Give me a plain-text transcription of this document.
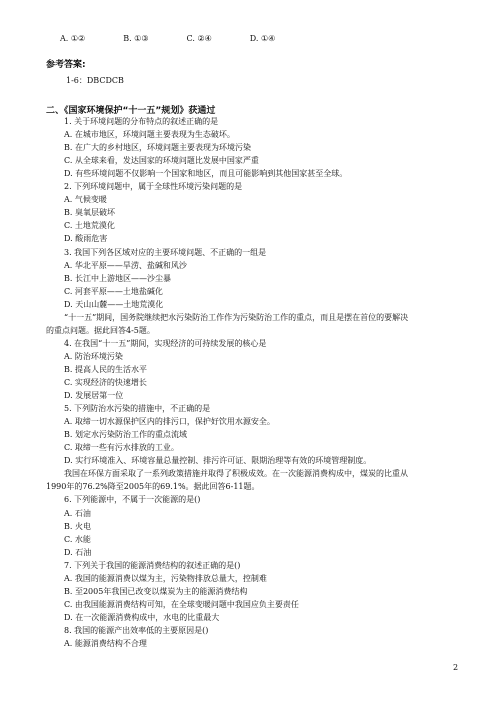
A. ①②	B. ①③	C. ②④	D. ①④
参考答案:
1-6：DBCDCB
二、《国家环境保护“十一五”规划》获通过
1. 关于环境问题的分布特点的叙述正确的是
A. 在城市地区，环境问题主要表现为生态破坏。
B. 在广大的乡村地区，环境问题主要表现为环境污染
C. 从全球来看，发达国家的环境问题比发展中国家严重
D. 有些环境问题不仅影响一个国家和地区，而且可能影响到其他国家甚至全球。
2. 下列环境问题中，属于全球性环境污染问题的是
A. 气候变暖
B. 臭氧层破坏
C. 土地荒漠化
D. 酸雨危害
3. 我国下列各区域对应的主要环境问题、不正确的一组是
A. 华北平原——旱涝、盐碱和风沙
B. 长江中上游地区——沙尘暴
C. 河套平原——土地盐碱化
D. 天山山麓——土地荒漠化
“十一五”期间，国务院继续把水污染防治工作作为污染防治工作的重点，而且是摆在首位的要解决
的重点问题。据此回答4-5题。
4. 在我国“十一五”期间，实现经济的可持续发展的核心是
A. 防治环境污染
B. 提高人民的生活水平
C. 实现经济的快速增长
D. 发展居第一位
5. 下列防治水污染的措施中，不正确的是
A. 取缔一切水源保护区内的排污口，保护好饮用水源安全。
B. 划定水污染防治工作的重点流域
C. 取缔一些有污水排放的工业。
D. 实行环境准入、环境容量总量控制、排污许可证、限期治理等有效的环境管理制度。
我国在环保方面采取了一系列政策措施并取得了积极成效。在一次能源消费构成中，煤炭的比重从
1990年的76.2%降至2005年的69.1%。据此回答6-11题。
6. 下列能源中，不属于一次能源的是()
A. 石油
B. 火电
C. 水能
D. 石油
7. 下列关于我国的能源消费结构的叙述正确的是()
A. 我国的能源消费以煤为主，污染物排放总量大，控制难
B. 至2005年我国已改变以煤炭为主的能源消费结构
C. 由我国能源消费结构可知，在全球变暖问题中我国应负主要责任
D. 在一次能源消费构成中，水电的比重最大
8. 我国的能源产出效率低的主要原因是()
A. 能源消费结构不合理
2
